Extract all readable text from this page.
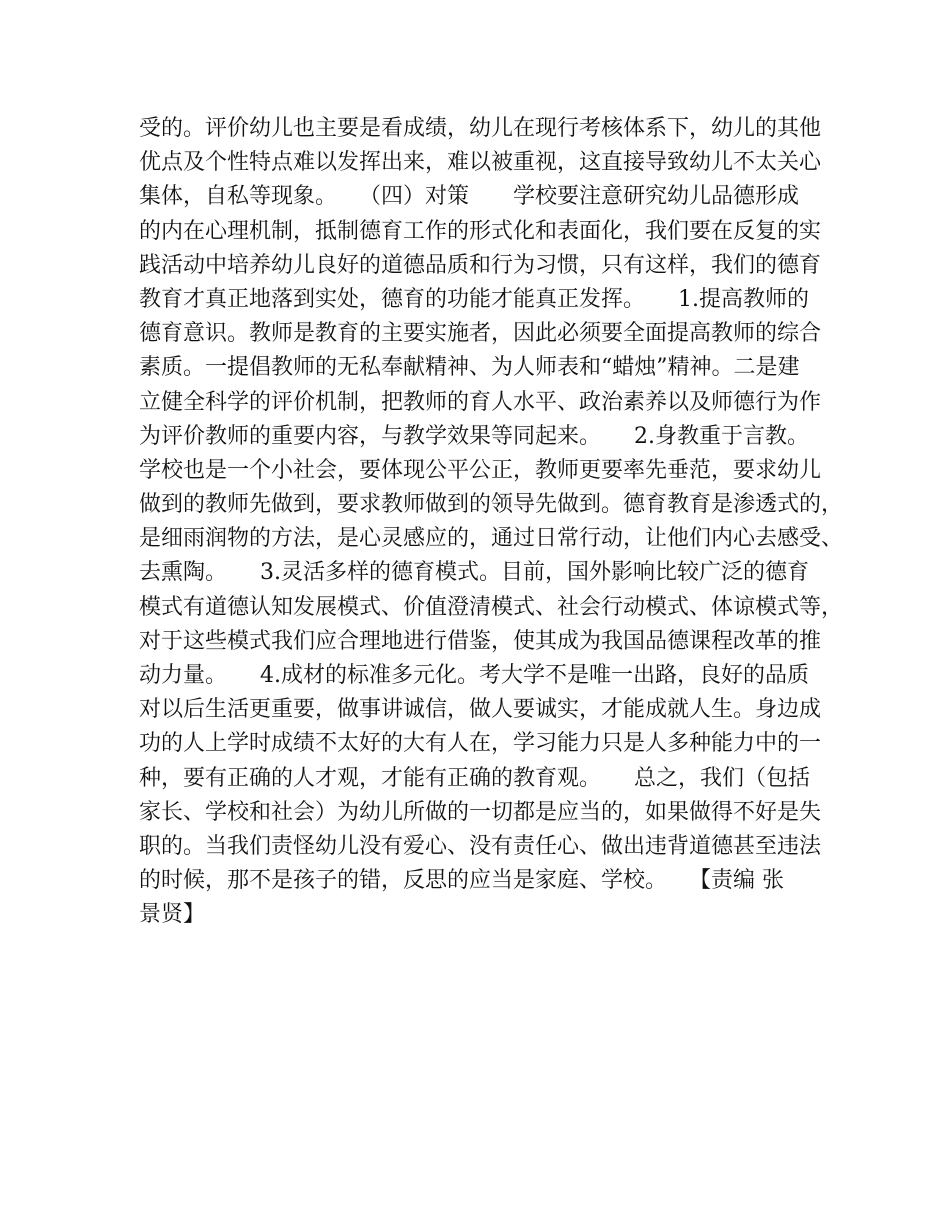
受的。评价幼儿也主要是看成绩，幼儿在现行考核体系下，幼儿的其他
优点及个性特点难以发挥出来，难以被重视，这直接导致幼儿不太关心
集体，自私等现象。　　（四）对策　　学校要注意研究幼儿品德形成
的内在心理机制，抵制德育工作的形式化和表面化，我们要在反复的实
践活动中培养幼儿良好的道德品质和行为习惯，只有这样，我们的德育
教育才真正地落到实处，德育的功能才能真正发挥。　　1.提高教师的
德育意识。教师是教育的主要实施者，因此必须要全面提高教师的综合
素质。一提倡教师的无私奉献精神、为人师表和“蜡烛”精神。二是建
立健全科学的评价机制，把教师的育人水平、政治素养以及师德行为作
为评价教师的重要内容，与教学效果等同起来。　　2.身教重于言教。
学校也是一个小社会，要体现公平公正，教师更要率先垂范，要求幼儿
做到的教师先做到，要求教师做到的领导先做到。德育教育是渗透式的，
是细雨润物的方法，是心灵感应的，通过日常行动，让他们内心去感受、
去熏陶。　　3.灵活多样的德育模式。目前，国外影响比较广泛的德育
模式有道德认知发展模式、价值澄清模式、社会行动模式、体谅模式等，
对于这些模式我们应合理地进行借鉴，使其成为我国品德课程改革的推
动力量。　　4.成材的标准多元化。考大学不是唯一出路，良好的品质
对以后生活更重要，做事讲诚信，做人要诚实，才能成就人生。身边成
功的人上学时成绩不太好的大有人在，学习能力只是人多种能力中的一
种，要有正确的人才观，才能有正确的教育观。　　总之，我们（包括
家长、学校和社会）为幼儿所做的一切都是应当的，如果做得不好是失
职的。当我们责怪幼儿没有爱心、没有责任心、做出违背道德甚至违法
的时候，那不是孩子的错，反思的应当是家庭、学校。　　【责编 张
景贤】
